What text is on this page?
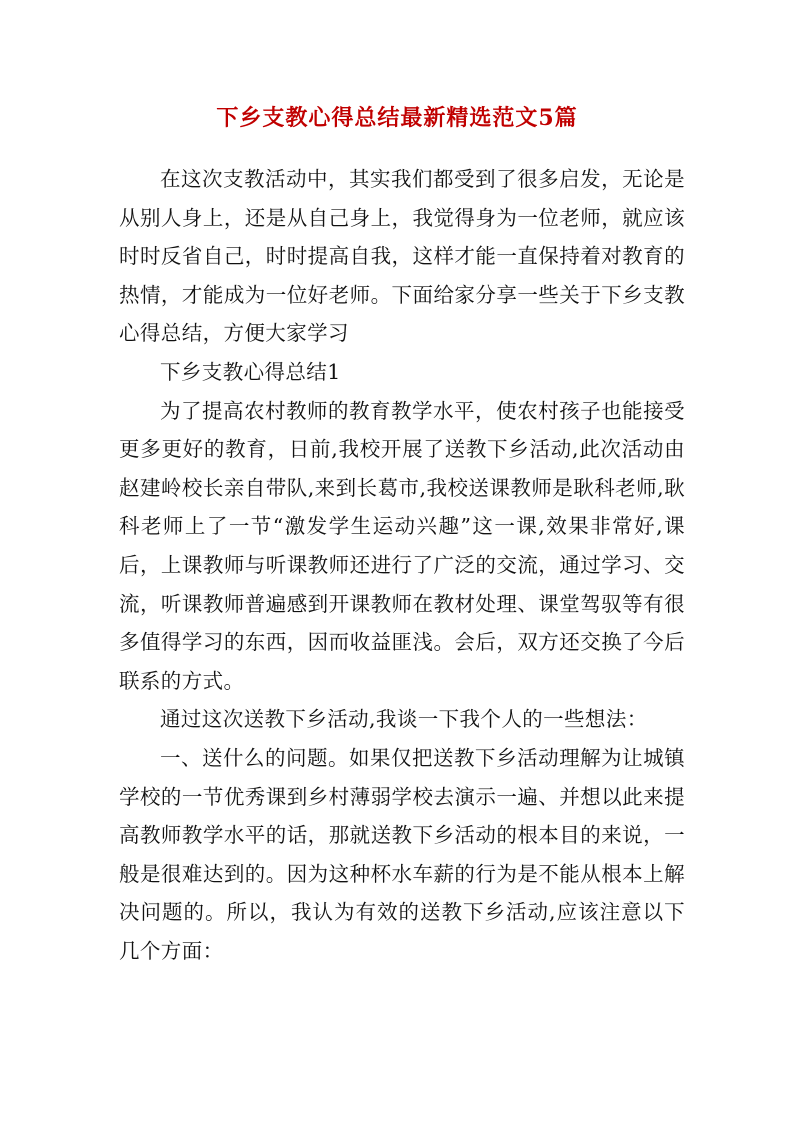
下乡支教心得总结最新精选范文5篇

在这次支教活动中，其实我们都受到了很多启发，无论是从别人身上，还是从自己身上，我觉得身为一位老师，就应该时时反省自己，时时提高自我，这样才能一直保持着对教育的热情，才能成为一位好老师。下面给家分享一些关于下乡支教心得总结，方便大家学习

下乡支教心得总结1

为了提高农村教师的教育教学水平，使农村孩子也能接受更多更好的教育，日前,我校开展了送教下乡活动,此次活动由赵建岭校长亲自带队,来到长葛市,我校送课教师是耿科老师,耿科老师上了一节“激发学生运动兴趣”这一课,效果非常好,课后，上课教师与听课教师还进行了广泛的交流，通过学习、交流，听课教师普遍感到开课教师在教材处理、课堂驾驭等有很多值得学习的东西，因而收益匪浅。会后，双方还交换了今后联系的方式。

通过这次送教下乡活动,我谈一下我个人的一些想法：

一、送什么的问题。如果仅把送教下乡活动理解为让城镇学校的一节优秀课到乡村薄弱学校去演示一遍、并想以此来提高教师教学水平的话，那就送教下乡活动的根本目的来说，一般是很难达到的。因为这种杯水车薪的行为是不能从根本上解决问题的。所以，我认为有效的送教下乡活动,应该注意以下几个方面：
